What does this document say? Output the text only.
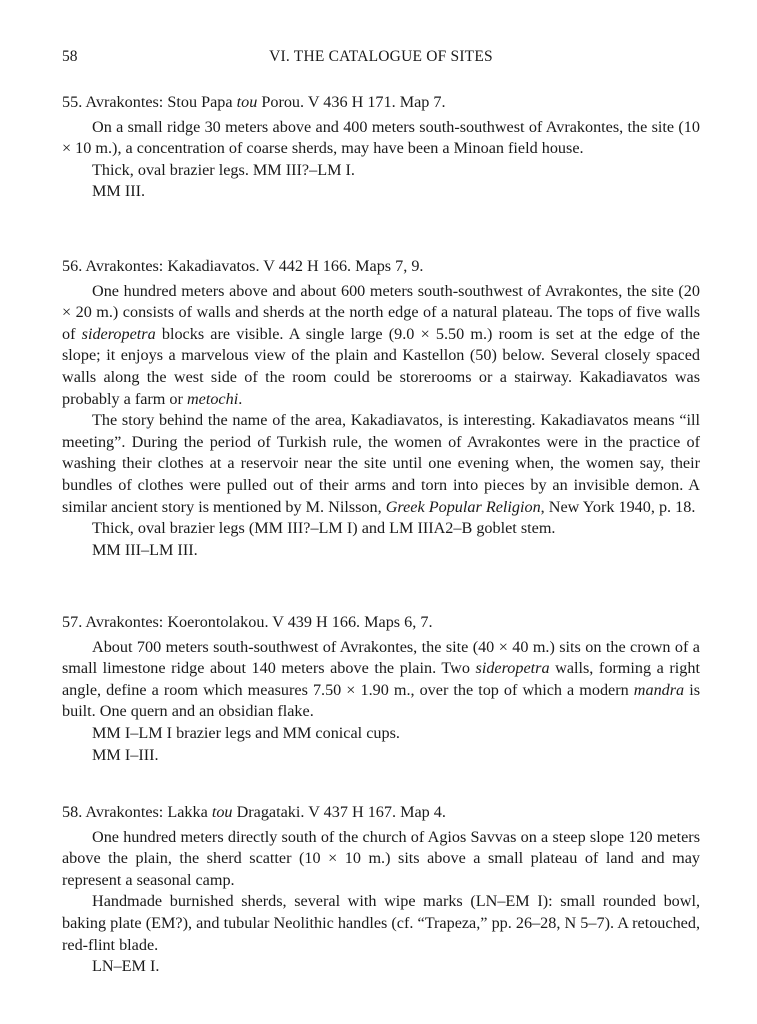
58	VI. THE CATALOGUE OF SITES

55. Avrakontes: Stou Papa tou Porou. V 436 H 171. Map 7.

On a small ridge 30 meters above and 400 meters south-southwest of Avrakontes, the site (10 × 10 m.), a concentration of coarse sherds, may have been a Minoan field house.

Thick, oval brazier legs. MM III?–LM I.

MM III.

56. Avrakontes: Kakadiavatos. V 442 H 166. Maps 7, 9.

One hundred meters above and about 600 meters south-southwest of Avrakontes, the site (20 × 20 m.) consists of walls and sherds at the north edge of a natural plateau. The tops of five walls of sideropetra blocks are visible. A single large (9.0 × 5.50 m.) room is set at the edge of the slope; it enjoys a marvelous view of the plain and Kastellon (50) below. Several closely spaced walls along the west side of the room could be storerooms or a stairway. Kakadiavatos was probably a farm or metochi.

The story behind the name of the area, Kakadiavatos, is interesting. Kakadiavatos means “ill meeting”. During the period of Turkish rule, the women of Avrakontes were in the practice of washing their clothes at a reservoir near the site until one evening when, the women say, their bundles of clothes were pulled out of their arms and torn into pieces by an invisible demon. A similar ancient story is mentioned by M. Nilsson, Greek Popular Religion, New York 1940, p. 18.

Thick, oval brazier legs (MM III?–LM I) and LM IIIA2–B goblet stem.

MM III–LM III.

57. Avrakontes: Koerontolakou. V 439 H 166. Maps 6, 7.

About 700 meters south-southwest of Avrakontes, the site (40 × 40 m.) sits on the crown of a small limestone ridge about 140 meters above the plain. Two sideropetra walls, forming a right angle, define a room which measures 7.50 × 1.90 m., over the top of which a modern mandra is built. One quern and an obsidian flake.

MM I–LM I brazier legs and MM conical cups.

MM I–III.

58. Avrakontes: Lakka tou Dragataki. V 437 H 167. Map 4.

One hundred meters directly south of the church of Agios Savvas on a steep slope 120 meters above the plain, the sherd scatter (10 × 10 m.) sits above a small plateau of land and may represent a seasonal camp.

Handmade burnished sherds, several with wipe marks (LN–EM I): small rounded bowl, baking plate (EM?), and tubular Neolithic handles (cf. “Trapeza,” pp. 26–28, N 5–7). A retouched, red-flint blade.

LN–EM I.
